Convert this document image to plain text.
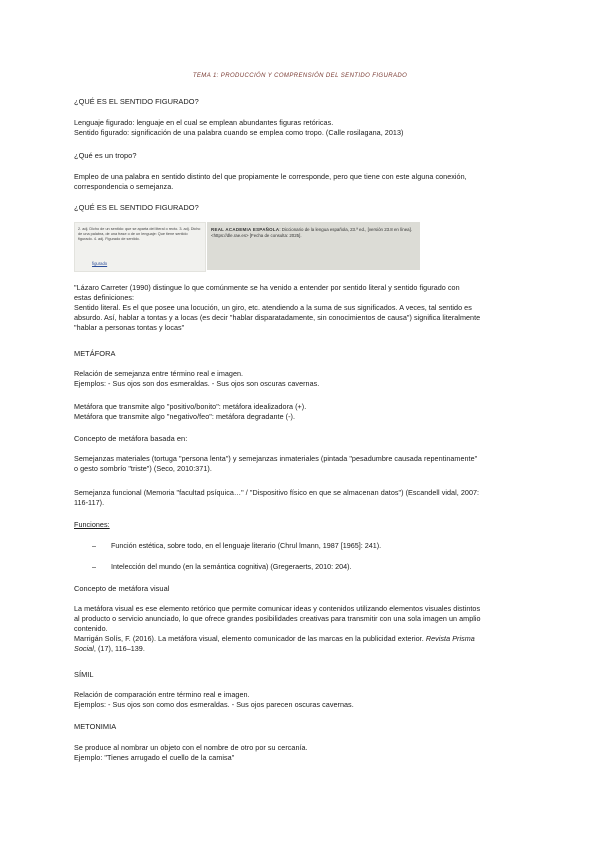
TEMA 1: PRODUCCIÓN Y COMPRENSIÓN DEL SENTIDO FIGURADO
¿QUÉ ES EL SENTIDO FIGURADO?
Lenguaje figurado: lenguaje en el cual se emplean abundantes figuras retóricas.
Sentido figurado: significación de una palabra cuando se emplea como tropo. (Calle rosilagana, 2013)
¿Qué es un tropo?
Empleo de una palabra en sentido distinto del que propiamente le corresponde, pero que tiene con este alguna conexión,
correspondencia o semejanza.
¿QUÉ ES EL SENTIDO FIGURADO?
2. adj. Dicho de un sentido: que se aparta del literal o recto. 3. adj. Dicho de una palabra, de una frase o de un lenguaje: Que tiene sentido figurado. 4. adj. Figurado de sentido.
figurado
REAL ACADEMIA ESPAÑOLA: Diccionario de la lengua española, 23.ª ed., [versión 23.8 en línea]. <https://dle.rae.es> [Fecha de consulta: 2025].
"Lázaro Carreter (1990) distingue lo que comúnmente se ha venido a entender por sentido literal y sentido figurado con
estas definiciones:
Sentido literal. Es el que posee una locución, un giro, etc. atendiendo a la suma de sus significados. A veces, tal sentido es
absurdo. Así, hablar a tontas y a locas (es decir "hablar disparatadamente, sin conocimientos de causa") significa literalmente
"hablar a personas tontas y locas"
METÁFORA
Relación de semejanza entre término real e imagen.
Ejemplos: - Sus ojos son dos esmeraldas. - Sus ojos son oscuras cavernas.
Metáfora que transmite algo "positivo/bonito": metáfora idealizadora (+).
Metáfora que transmite algo "negativo/feo": metáfora degradante (-).
Concepto de metáfora basada en:
Semejanzas materiales (tortuga "persona lenta") y semejanzas inmateriales (pintada "pesadumbre causada repentinamente"
o gesto sombrío "triste") (Seco, 2010:371).
Semejanza funcional (Memoria "facultad psíquica…" / "Dispositivo físico en que se almacenan datos") (Escandell vidal, 2007:
116-117).
Funciones:
– Función estética, sobre todo, en el lenguaje literario (Chrul lmann, 1987 [1965]: 241).
– Intelección del mundo (en la semántica cognitiva) (Gregeraerts, 2010: 204).
Concepto de metáfora visual
La metáfora visual es ese elemento retórico que permite comunicar ideas y contenidos utilizando elementos visuales distintos
al producto o servicio anunciado, lo que ofrece grandes posibilidades creativas para transmitir con una sola imagen un amplio
contenido.
Marrigán Solís, F. (2016). La metáfora visual, elemento comunicador de las marcas en la publicidad exterior. Revista Prisma
Social, (17), 116–139.
SÍMIL
Relación de comparación entre término real e imagen.
Ejemplos: - Sus ojos son como dos esmeraldas. - Sus ojos parecen oscuras cavernas.
METONIMIA
Se produce al nombrar un objeto con el nombre de otro por su cercanía.
Ejemplo: "Tienes arrugado el cuello de la camisa"
